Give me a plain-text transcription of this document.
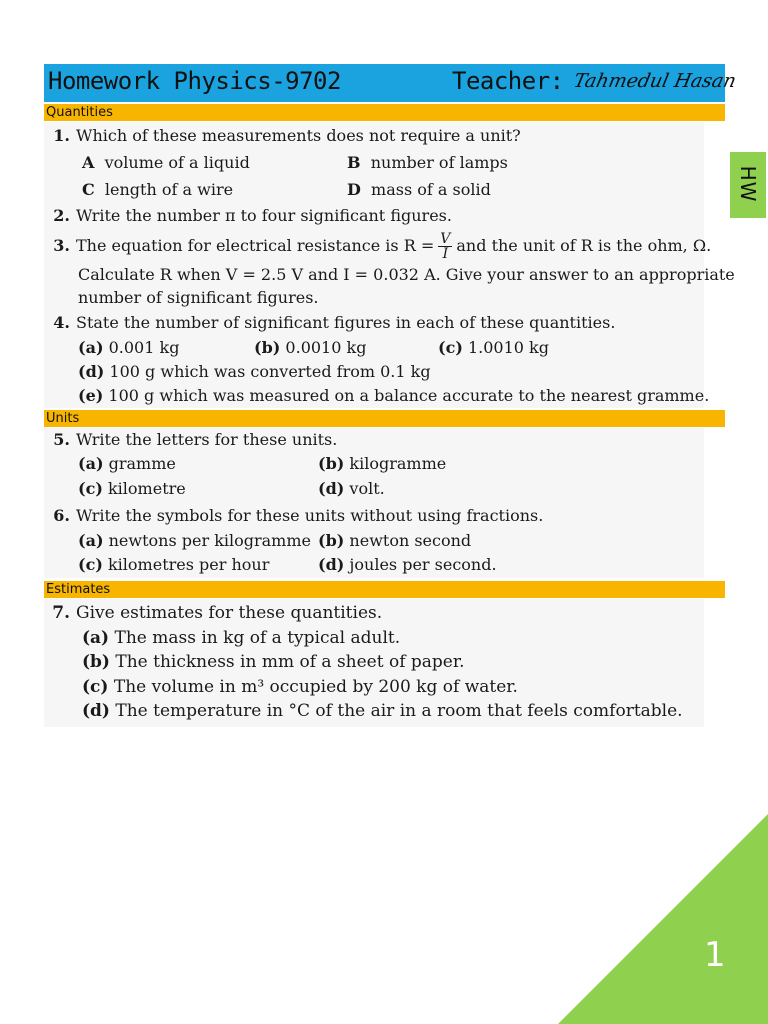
Homework Physics-9702	Teacher: Tahmedul Hasan
HW
Quantities
1. Which of these measurements does not require a unit?
A volume of a liquid	B number of lamps
C length of a wire	D mass of a solid
2. Write the number π to four significant figures.
3. The equation for electrical resistance is $R = \frac{V}{I}$ and the unit of R is the ohm, Ω.
Calculate R when V = 2.5 V and I = 0.032 A. Give your answer to an appropriate
number of significant figures.
4. State the number of significant figures in each of these quantities.
(a) 0.001 kg	(b) 0.0010 kg	(c) 1.0010 kg
(d) 100 g which was converted from 0.1 kg
(e) 100 g which was measured on a balance accurate to the nearest gramme.
Units
5. Write the letters for these units.
(a) gramme	(b) kilogramme
(c) kilometre	(d) volt.
6. Write the symbols for these units without using fractions.
(a) newtons per kilogramme (b) newton second
(c) kilometres per hour	(d) joules per second.
Estimates
7. Give estimates for these quantities.
(a) The mass in kg of a typical adult.
(b) The thickness in mm of a sheet of paper.
(c) The volume in m³ occupied by 200 kg of water.
(d) The temperature in °C of the air in a room that feels comfortable.
1
